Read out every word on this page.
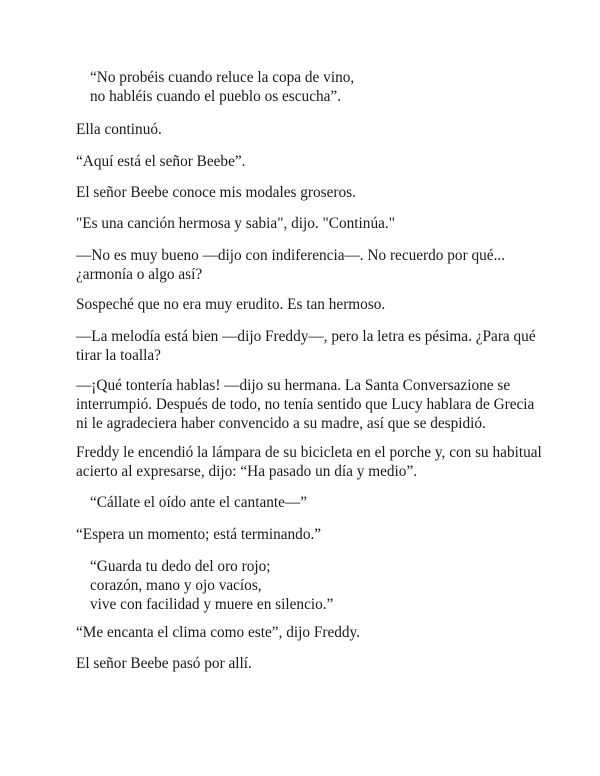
“No probéis cuando reluce la copa de vino,
no habléis cuando el pueblo os escucha”.
Ella continuó.
“Aquí está el señor Beebe”.
El señor Beebe conoce mis modales groseros.
"Es una canción hermosa y sabia", dijo. "Continúa."
—No es muy bueno —dijo con indiferencia—. No recuerdo por qué...
¿armonía o algo así?
Sospeché que no era muy erudito. Es tan hermoso.
—La melodía está bien —dijo Freddy—, pero la letra es pésima. ¿Para qué
tirar la toalla?
—¡Qué tontería hablas! —dijo su hermana. La Santa Conversazione se
interrumpió. Después de todo, no tenía sentido que Lucy hablara de Grecia
ni le agradeciera haber convencido a su madre, así que se despidió.
Freddy le encendió la lámpara de su bicicleta en el porche y, con su habitual
acierto al expresarse, dijo: “Ha pasado un día y medio”.
“Cállate el oído ante el cantante—”
“Espera un momento; está terminando.”
“Guarda tu dedo del oro rojo;
corazón, mano y ojo vacíos,
vive con facilidad y muere en silencio.”
“Me encanta el clima como este”, dijo Freddy.
El señor Beebe pasó por allí.
